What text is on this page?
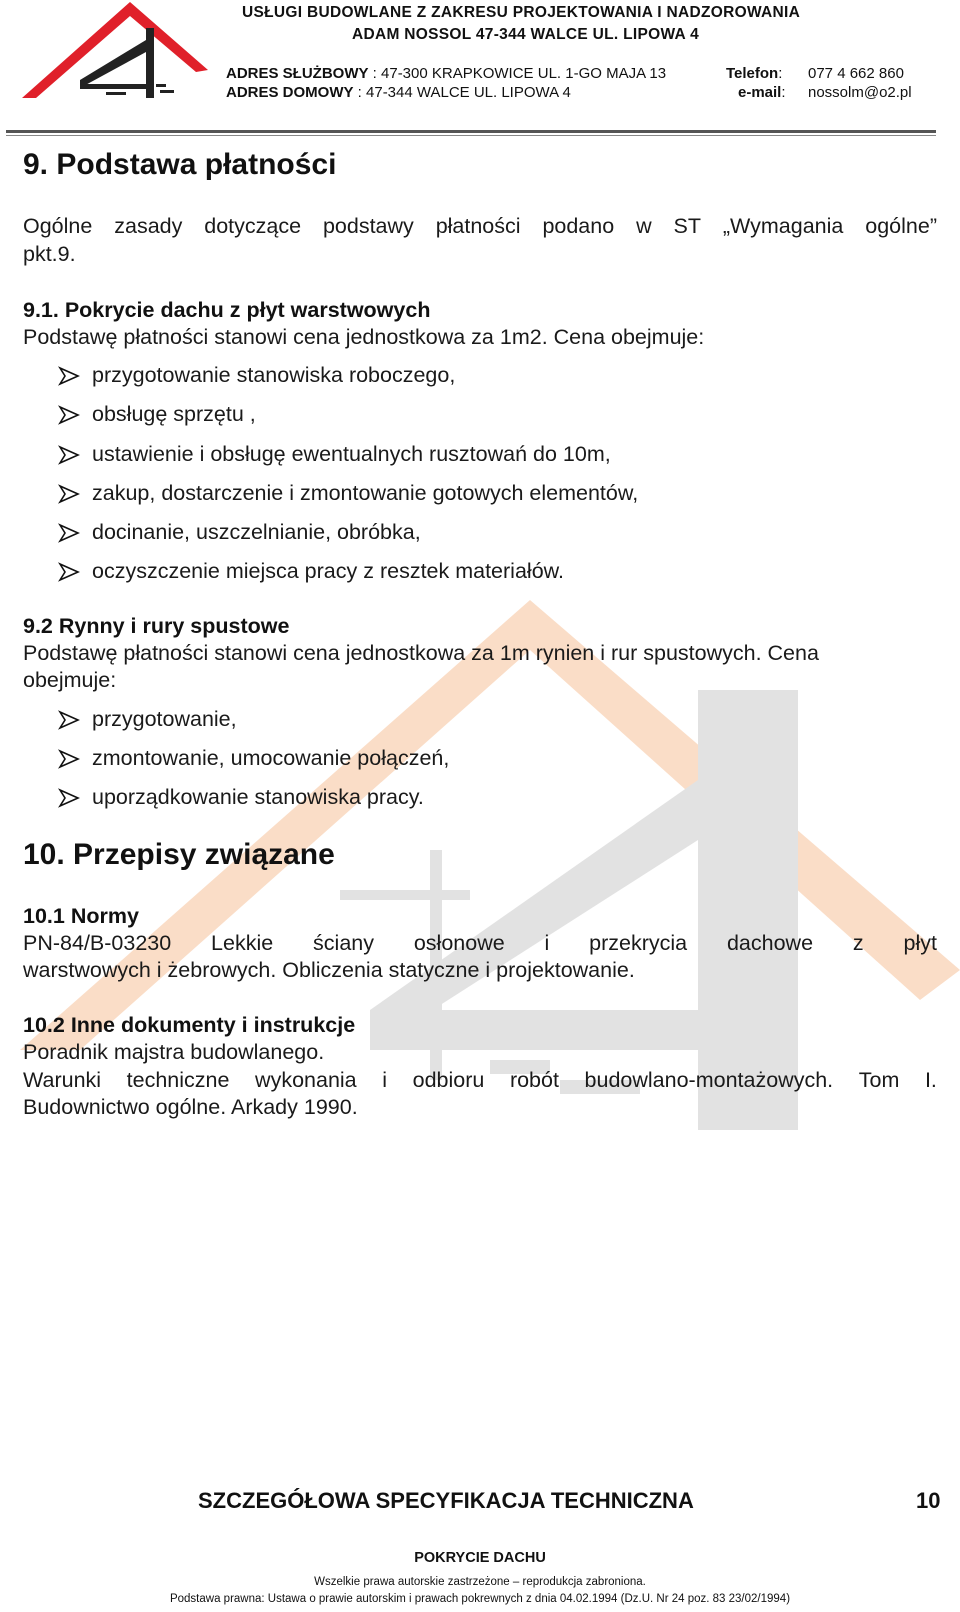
USŁUGI BUDOWLANE Z ZAKRESU PROJEKTOWANIA I NADZOROWANIA
ADAM NOSSOL 47-344 WALCE UL. LIPOWA 4
ADRES SŁUŻBOWY : 47-300 KRAPKOWICE UL. 1-GO MAJA 13
ADRES DOMOWY : 47-344 WALCE UL. LIPOWA 4
Telefon: 077 4 662 860
e-mail: nossolm@o2.pl
9. Podstawa płatności
Ogólne zasady dotyczące podstawy płatności podano w ST „Wymagania ogólne”
pkt.9.
9.1. Pokrycie dachu z płyt warstwowych
Podstawę płatności stanowi cena jednostkowa za 1m2. Cena obejmuje:
przygotowanie stanowiska roboczego,
obsługę sprzętu ,
ustawienie i obsługę ewentualnych rusztowań do 10m,
zakup, dostarczenie i zmontowanie gotowych elementów,
docinanie, uszczelnianie, obróbka,
oczyszczenie miejsca pracy z resztek materiałów.
9.2 Rynny i rury spustowe
Podstawę płatności stanowi cena jednostkowa za 1m rynien i rur spustowych. Cena
obejmuje:
przygotowanie,
zmontowanie, umocowanie połączeń,
uporządkowanie stanowiska pracy.
10. Przepisy związane
10.1 Normy
PN-84/B-03230 Lekkie ściany osłonowe i przekrycia dachowe z płyt
warstwowych i żebrowych. Obliczenia statyczne i projektowanie.
10.2 Inne dokumenty i instrukcje
Poradnik majstra budowlanego.
Warunki techniczne wykonania i odbioru robót budowlano-montażowych. Tom I.
Budownictwo ogólne. Arkady 1990.
SZCZEGÓŁOWA SPECYFIKACJA TECHNICZNA	10
POKRYCIE DACHU
Wszelkie prawa autorskie zastrzeżone – reprodukcja zabroniona.
Podstawa prawna: Ustawa o prawie autorskim i prawach pokrewnych z dnia 04.02.1994 (Dz.U. Nr 24 poz. 83 23/02/1994)
